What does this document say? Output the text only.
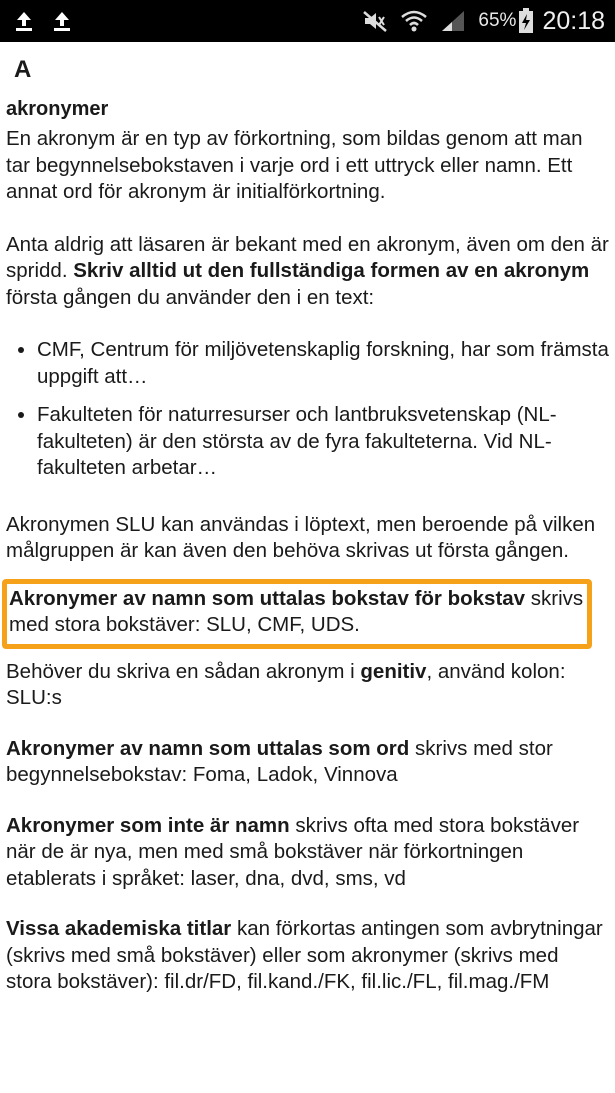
65% 20:18
A
akronymer

En akronym är en typ av förkortning, som bildas genom att man tar begynnelsebokstaven i varje ord i ett uttryck eller namn. Ett annat ord för akronym är initialförkortning.

Anta aldrig att läsaren är bekant med en akronym, även om den är spridd. Skriv alltid ut den fullständiga formen av en akronym första gången du använder den i en text:

• CMF, Centrum för miljövetenskaplig forskning, har som främsta uppgift att…
• Fakulteten för naturresurser och lantbruksvetenskap (NL-fakulteten) är den största av de fyra fakulteterna. Vid NL-fakulteten arbetar…

Akronymen SLU kan användas i löptext, men beroende på vilken målgruppen är kan även den behöva skrivas ut första gången.

Akronymer av namn som uttalas bokstav för bokstav skrivs med stora bokstäver: SLU, CMF, UDS.

Behöver du skriva en sådan akronym i genitiv, använd kolon: SLU:s

Akronymer av namn som uttalas som ord skrivs med stor begynnelsebokstav: Foma, Ladok, Vinnova

Akronymer som inte är namn skrivs ofta med stora bokstäver när de är nya, men med små bokstäver när förkortningen etablerats i språket: laser, dna, dvd, sms, vd

Vissa akademiska titlar kan förkortas antingen som avbrytningar (skrivs med små bokstäver) eller som akronymer (skrivs med stora bokstäver): fil.dr/FD, fil.kand./FK, fil.lic./FL, fil.mag./FM
